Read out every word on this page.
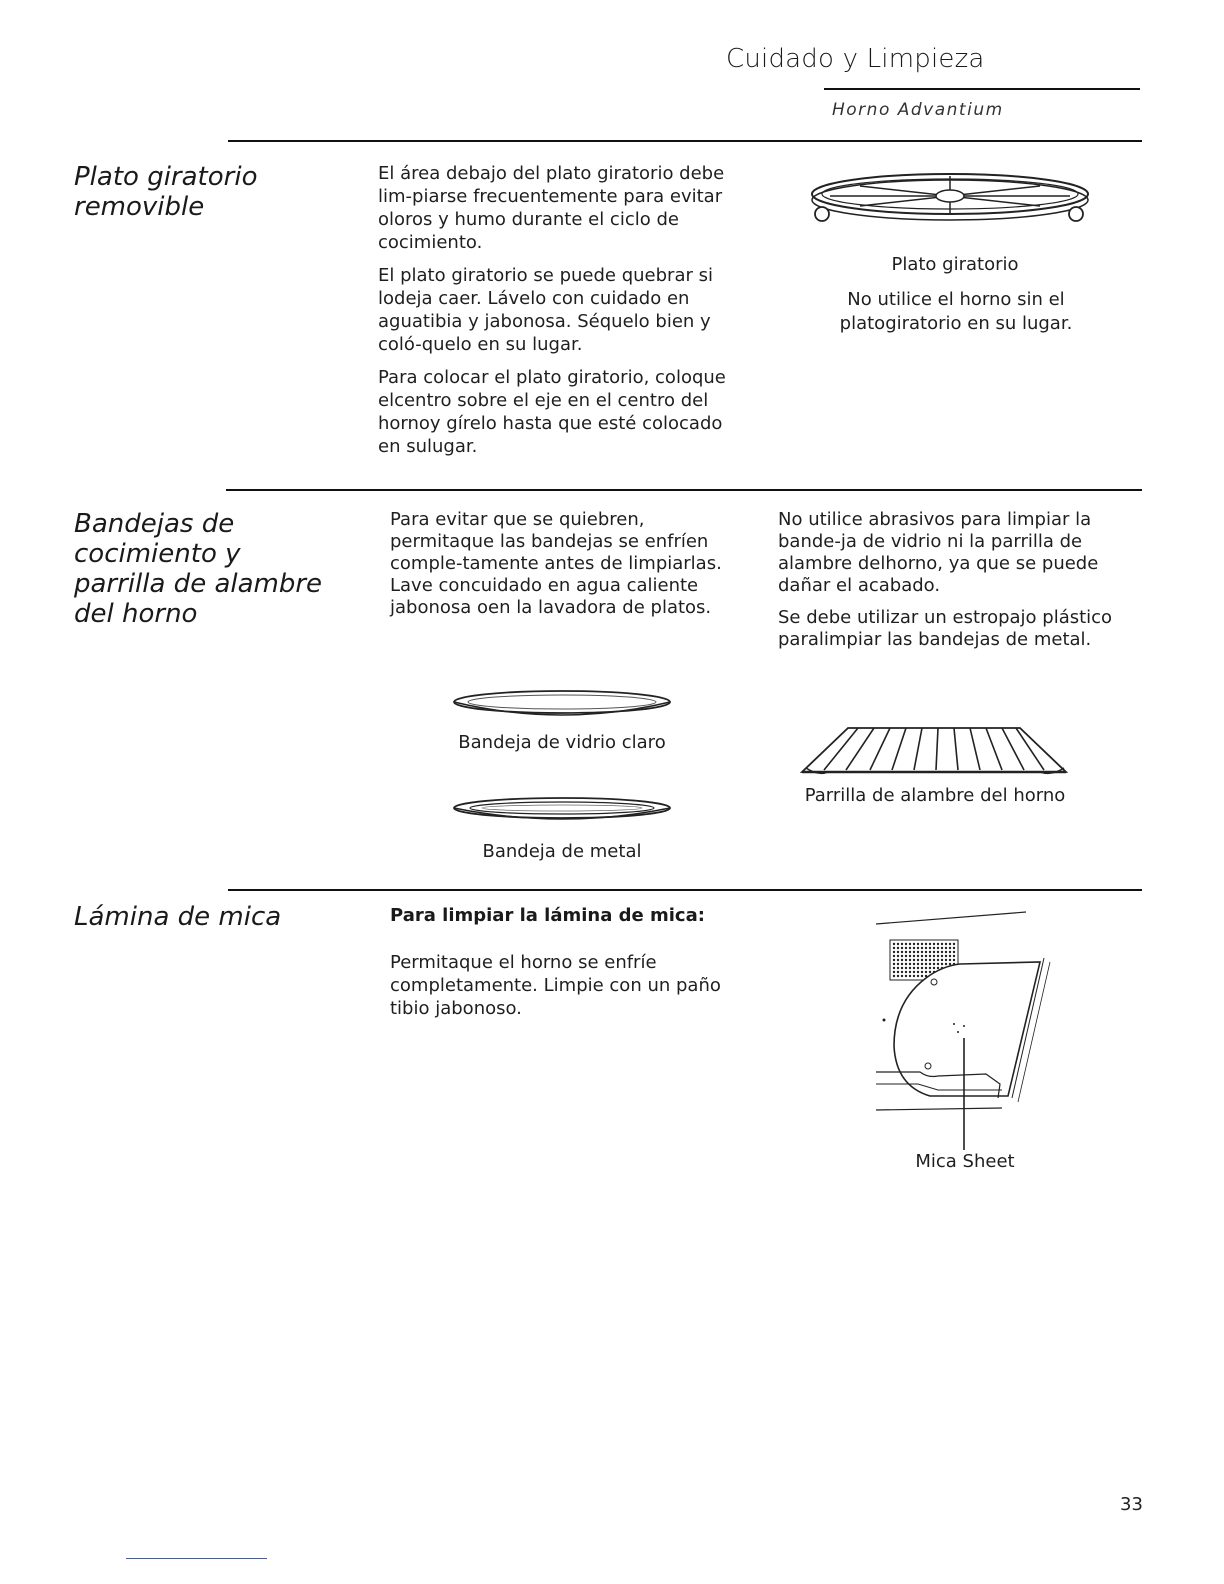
Cuidado y Limpieza
Horno Advantium
Plato giratorio
removible

El área debajo del plato giratorio debe lim-piarse frecuentemente para evitar oloros y humo durante el ciclo de cocimiento.

El plato giratorio se puede quebrar si lodeja caer. Lávelo con cuidado en aguatibia y jabonosa. Séquelo bien y coló-quelo en su lugar.

Para colocar el plato giratorio, coloque elcentro sobre el eje en el centro del hornoy gírelo hasta que esté colocado en sulugar.

Plato giratorio
No utilice el horno sin el platogiratorio en su lugar.
Bandejas de
cocimiento y
parrilla de alambre
del horno

Para evitar que se quiebren, permitaque las bandejas se enfríen comple-tamente antes de limpiarlas. Lave concuidado en agua caliente jabonosa oen la lavadora de platos.

No utilice abrasivos para limpiar la bande-ja de vidrio ni la parrilla de alambre delhorno, ya que se puede dañar el acabado.

Se debe utilizar un estropajo plástico paralimpiar las bandejas de metal.

Bandeja de vidrio claro
Bandeja de metal
Parrilla de alambre del horno
Lámina de mica	Para limpiar la lámina de mica:

Permitaque el horno se enfríe completamente. Limpie con un paño tibio jabonoso.

Mica Sheet
33
